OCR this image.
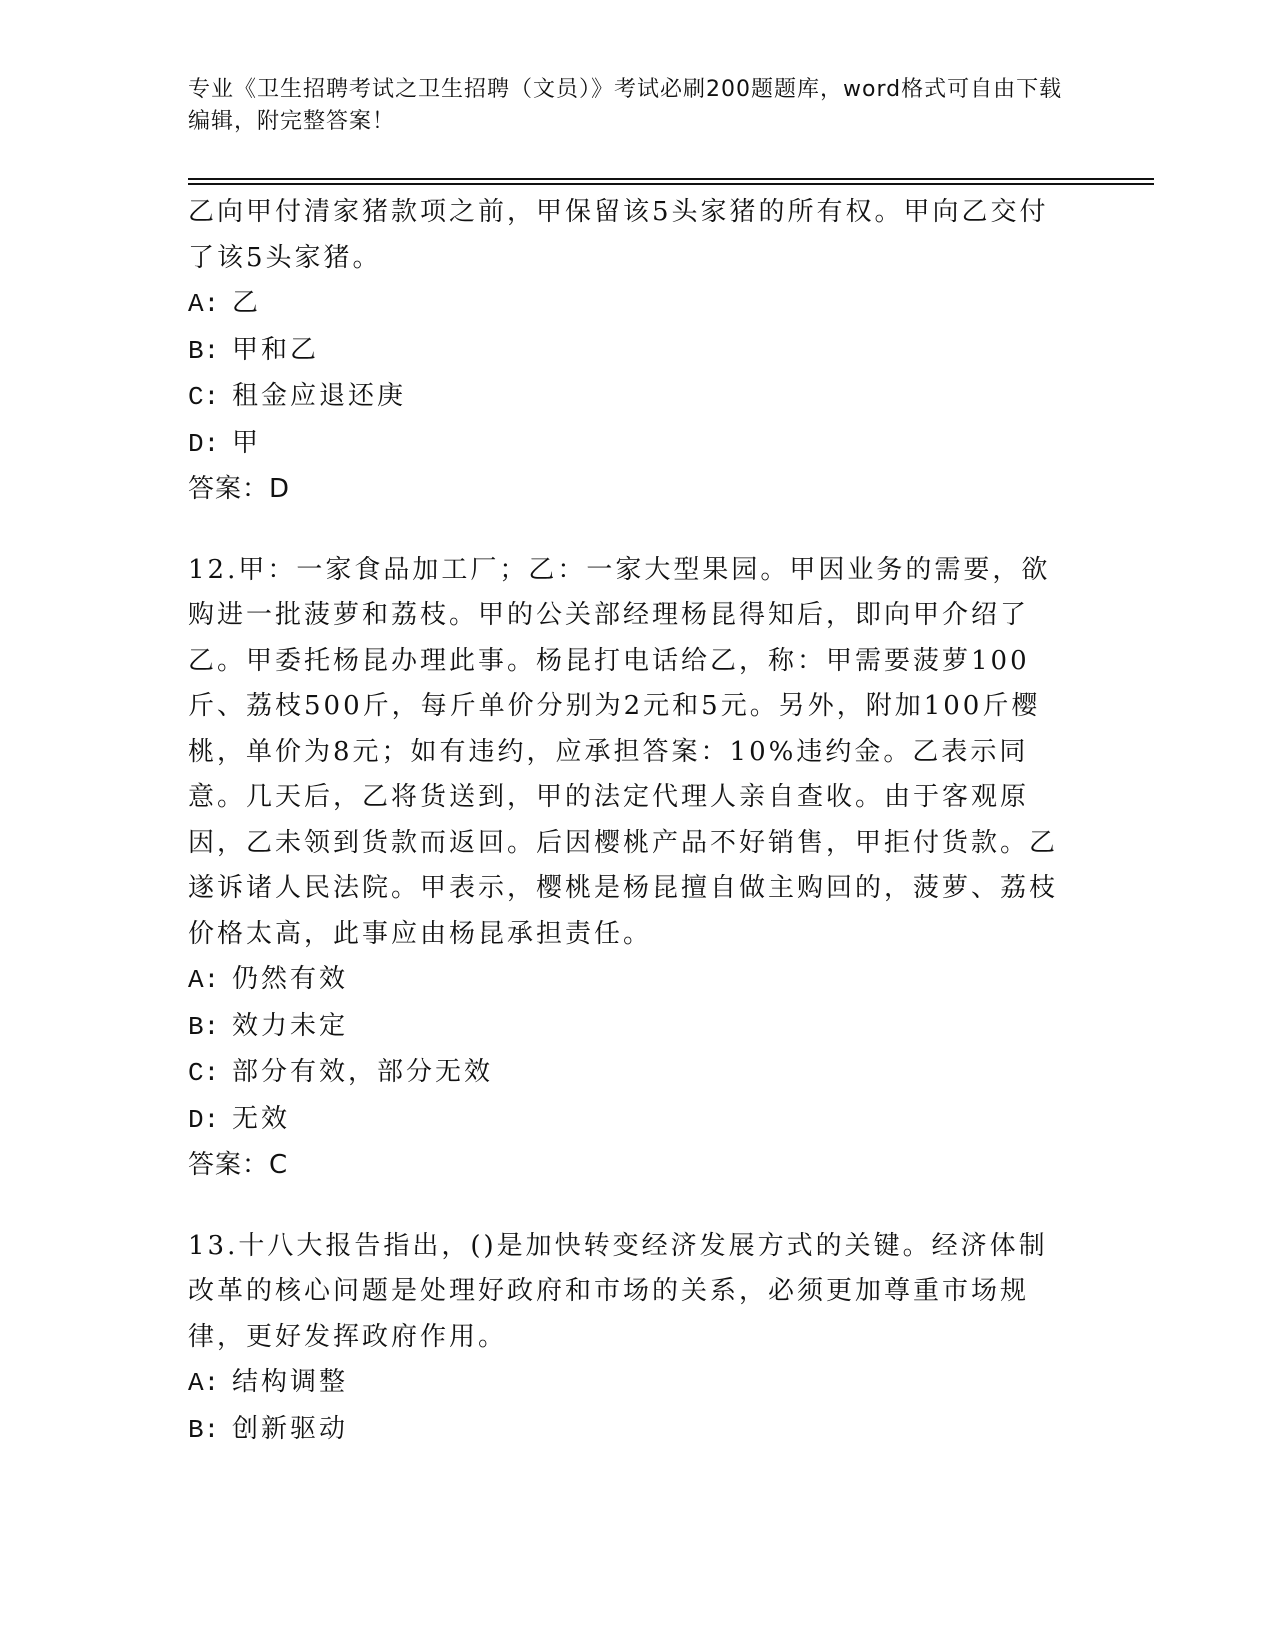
专业《卫生招聘考试之卫生招聘（文员）》考试必刷200题题库，word格式可自由下载编辑，附完整答案！

乙向甲付清家猪款项之前，甲保留该5头家猪的所有权。甲向乙交付了该5头家猪。

A: 乙

B: 甲和乙

C: 租金应退还庚

D: 甲

答案：D

12.甲：一家食品加工厂；乙：一家大型果园。甲因业务的需要，欲购进一批菠萝和荔枝。甲的公关部经理杨昆得知后，即向甲介绍了乙。甲委托杨昆办理此事。杨昆打电话给乙，称：甲需要菠萝100斤、荔枝500斤，每斤单价分别为2元和5元。另外，附加100斤樱桃，单价为8元；如有违约，应承担答案：10%违约金。乙表示同意。几天后，乙将货送到，甲的法定代理人亲自查收。由于客观原因，乙未领到货款而返回。后因樱桃产品不好销售，甲拒付货款。乙遂诉诸人民法院。甲表示，樱桃是杨昆擅自做主购回的，菠萝、荔枝价格太高，此事应由杨昆承担责任。

A: 仍然有效

B: 效力未定

C: 部分有效，部分无效

D: 无效

答案：C

13.十八大报告指出，()是加快转变经济发展方式的关键。经济体制改革的核心问题是处理好政府和市场的关系，必须更加尊重市场规律，更好发挥政府作用。

A: 结构调整

B: 创新驱动
